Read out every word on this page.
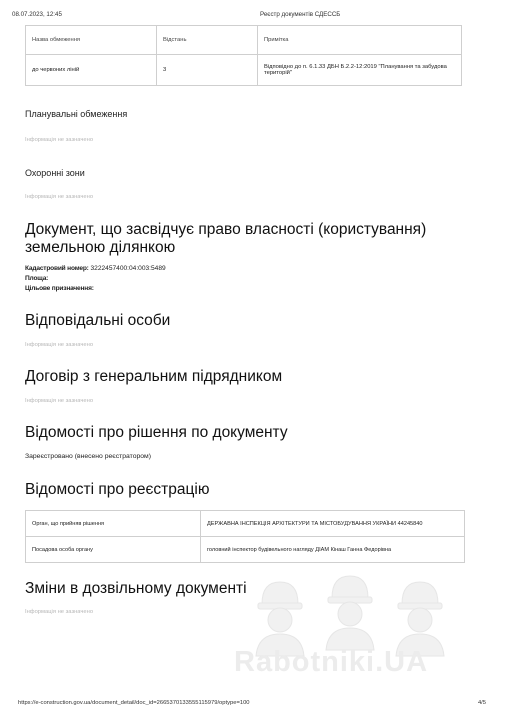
08.07.2023, 12:45	Реєстр документів СДЕССБ
Назва обмеження	Відстань	Примітка
до червоних ліній	3	Відповідно до п. 6.1.33 ДБН Б.2.2-12:2019 "Планування та забудова територій"
Планувальні обмеження
Інформація не зазначено
Охоронні зони
Інформація не зазначено
Документ, що засвідчує право власності (користування) земельною ділянкою
Кадастровий номер: 3222457400:04:003:5489
Площа:
Цільове призначення:
Відповідальні особи
Інформація не зазначено
Договір з генеральним підрядником
Інформація не зазначено
Відомості про рішення по документу
Зареєстровано (внесено реєстратором)
Відомості про реєстрацію
Орган, що прийняв рішення	ДЕРЖАВНА ІНСПЕКЦІЯ АРХІТЕКТУРИ ТА МІСТОБУДУВАННЯ УКРАЇНИ 44245840
Посадова особа органу	головний інспектор будівельного нагляду ДІАМ Кінаш Ганна Федорівна
Зміни в дозвільному документі
Інформація не зазначено
Rabotniki.UA
https://e-construction.gov.ua/document_detail/doc_id=2665370133555115979/optype=100	4/5
